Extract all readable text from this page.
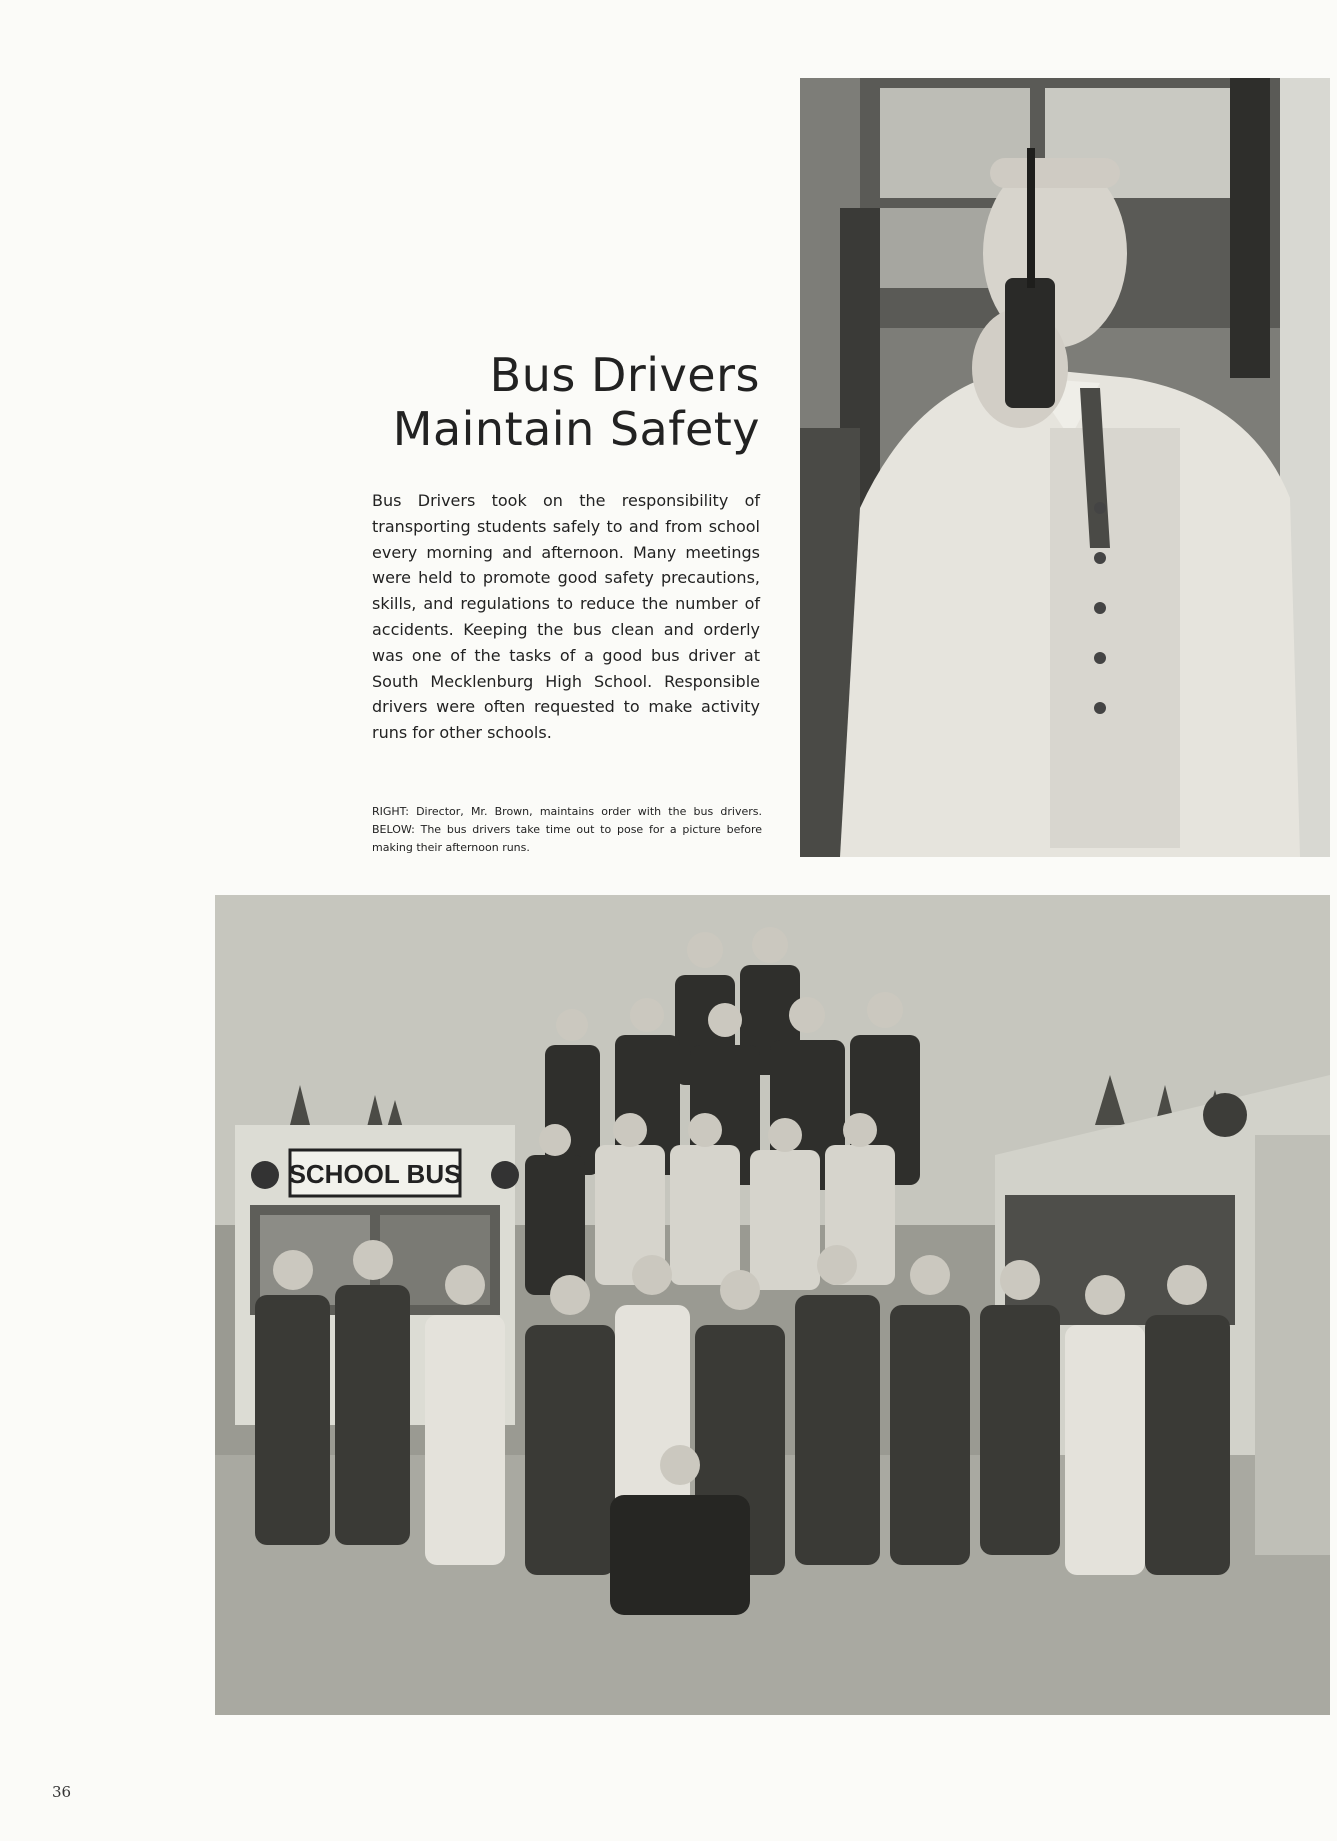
Bus Drivers
Maintain Safety

Bus Drivers took on the responsibility of transporting students safely to and from school every morning and afternoon. Many meetings were held to promote good safety precautions, skills, and regulations to reduce the number of accidents. Keeping the bus clean and orderly was one of the tasks of a good bus driver at South Mecklenburg High School. Responsible drivers were often requested to make activity runs for other schools.

RIGHT: Director, Mr. Brown, maintains order with the bus drivers. BELOW: The bus drivers take time out to pose for a picture before making their afternoon runs.

SCHOOL BUS
36
